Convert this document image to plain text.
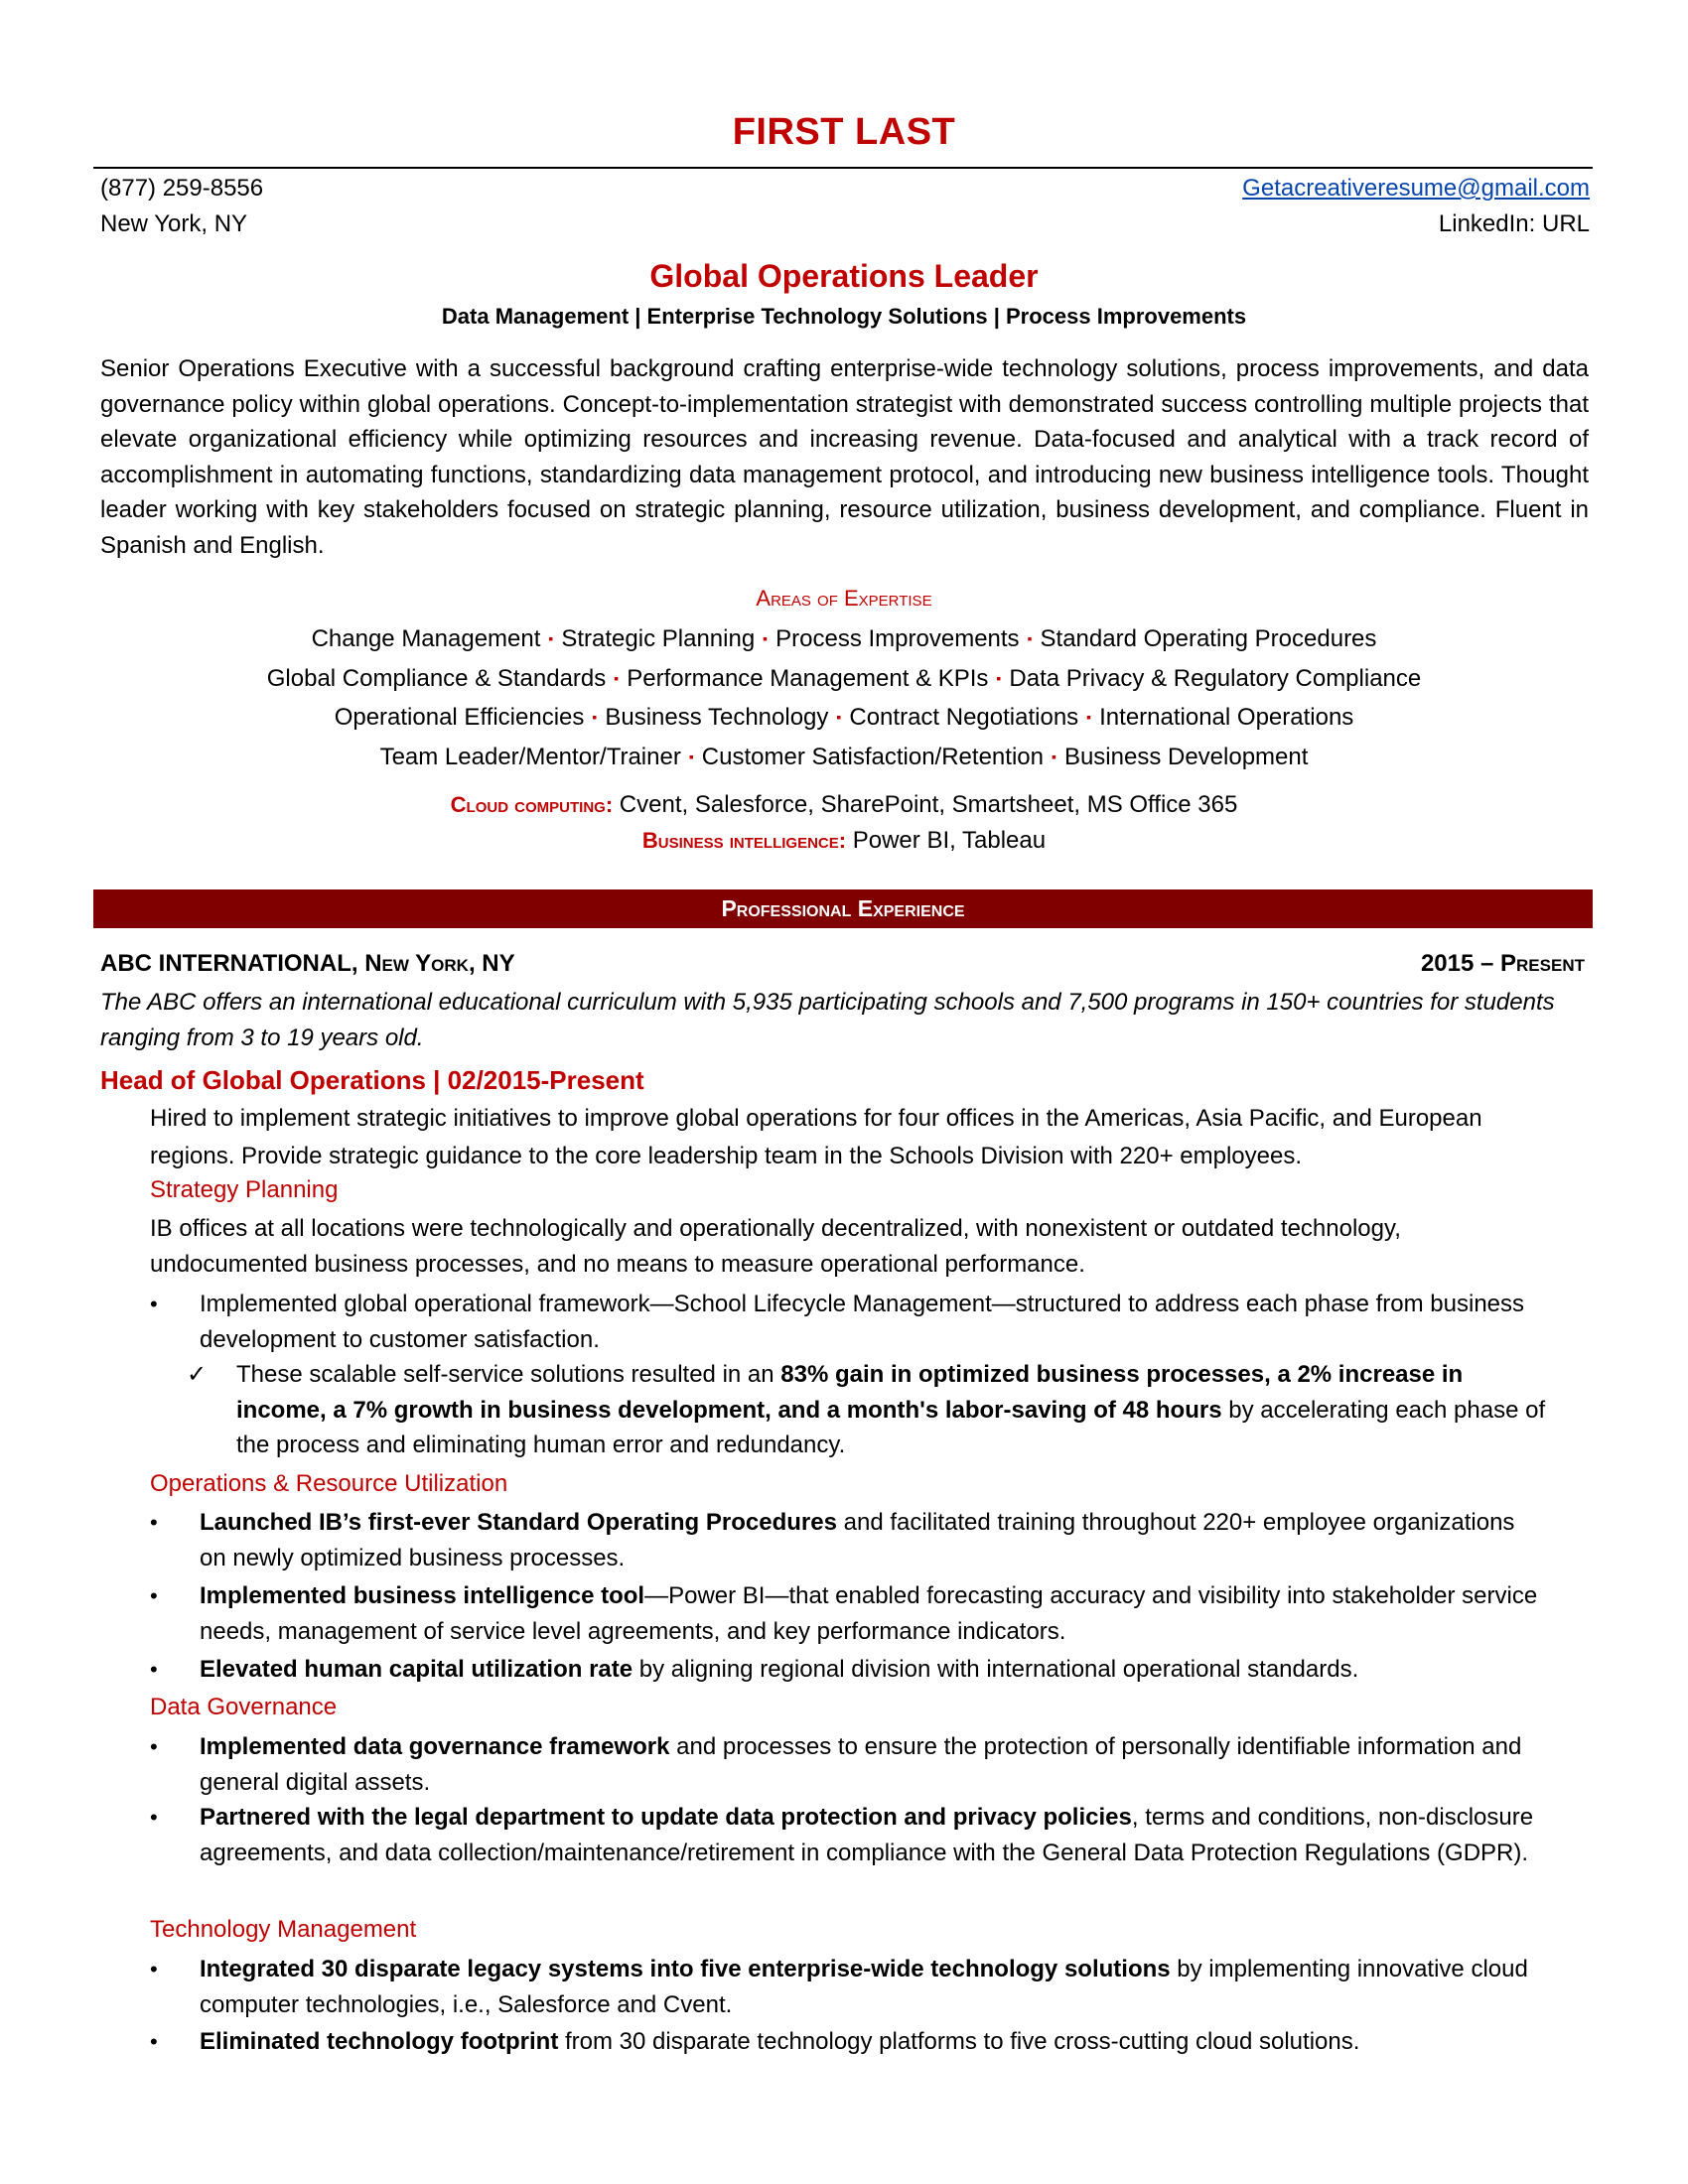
FIRST LAST
(877) 259-8556
New York, NY
Getacreativeresume@gmail.com
LinkedIn: URL
Global Operations Leader
Data Management | Enterprise Technology Solutions | Process Improvements
Senior Operations Executive with a successful background crafting enterprise-wide technology solutions, process improvements, and data governance policy within global operations. Concept-to-implementation strategist with demonstrated success controlling multiple projects that elevate organizational efficiency while optimizing resources and increasing revenue. Data-focused and analytical with a track record of accomplishment in automating functions, standardizing data management protocol, and introducing new business intelligence tools. Thought leader working with key stakeholders focused on strategic planning, resource utilization, business development, and compliance. Fluent in Spanish and English.
Areas of Expertise
Change Management ▪ Strategic Planning ▪ Process Improvements ▪ Standard Operating Procedures
Global Compliance & Standards ▪ Performance Management & KPIs ▪ Data Privacy & Regulatory Compliance
Operational Efficiencies ▪ Business Technology ▪ Contract Negotiations ▪ International Operations
Team Leader/Mentor/Trainer ▪ Customer Satisfaction/Retention ▪ Business Development
Cloud computing: Cvent, Salesforce, SharePoint, Smartsheet, MS Office 365
Business intelligence: Power BI, Tableau
Professional Experience
ABC INTERNATIONAL, New York, NY	2015 – Present
The ABC offers an international educational curriculum with 5,935 participating schools and 7,500 programs in 150+ countries for students ranging from 3 to 19 years old.
Head of Global Operations | 02/2015-Present
Hired to implement strategic initiatives to improve global operations for four offices in the Americas, Asia Pacific, and European regions. Provide strategic guidance to the core leadership team in the Schools Division with 220+ employees.
Strategy Planning
IB offices at all locations were technologically and operationally decentralized, with nonexistent or outdated technology, undocumented business processes, and no means to measure operational performance.
•	Implemented global operational framework—School Lifecycle Management—structured to address each phase from business development to customer satisfaction.
✓	These scalable self-service solutions resulted in an 83% gain in optimized business processes, a 2% increase in income, a 7% growth in business development, and a month's labor-saving of 48 hours by accelerating each phase of the process and eliminating human error and redundancy.
Operations & Resource Utilization
•	Launched IB’s first-ever Standard Operating Procedures and facilitated training throughout 220+ employee organizations on newly optimized business processes.
•	Implemented business intelligence tool—Power BI—that enabled forecasting accuracy and visibility into stakeholder service needs, management of service level agreements, and key performance indicators.
•	Elevated human capital utilization rate by aligning regional division with international operational standards.
Data Governance
•	Implemented data governance framework and processes to ensure the protection of personally identifiable information and general digital assets.
•	Partnered with the legal department to update data protection and privacy policies, terms and conditions, non-disclosure agreements, and data collection/maintenance/retirement in compliance with the General Data Protection Regulations (GDPR).
Technology Management
•	Integrated 30 disparate legacy systems into five enterprise-wide technology solutions by implementing innovative cloud computer technologies, i.e., Salesforce and Cvent.
•	Eliminated technology footprint from 30 disparate technology platforms to five cross-cutting cloud solutions.
